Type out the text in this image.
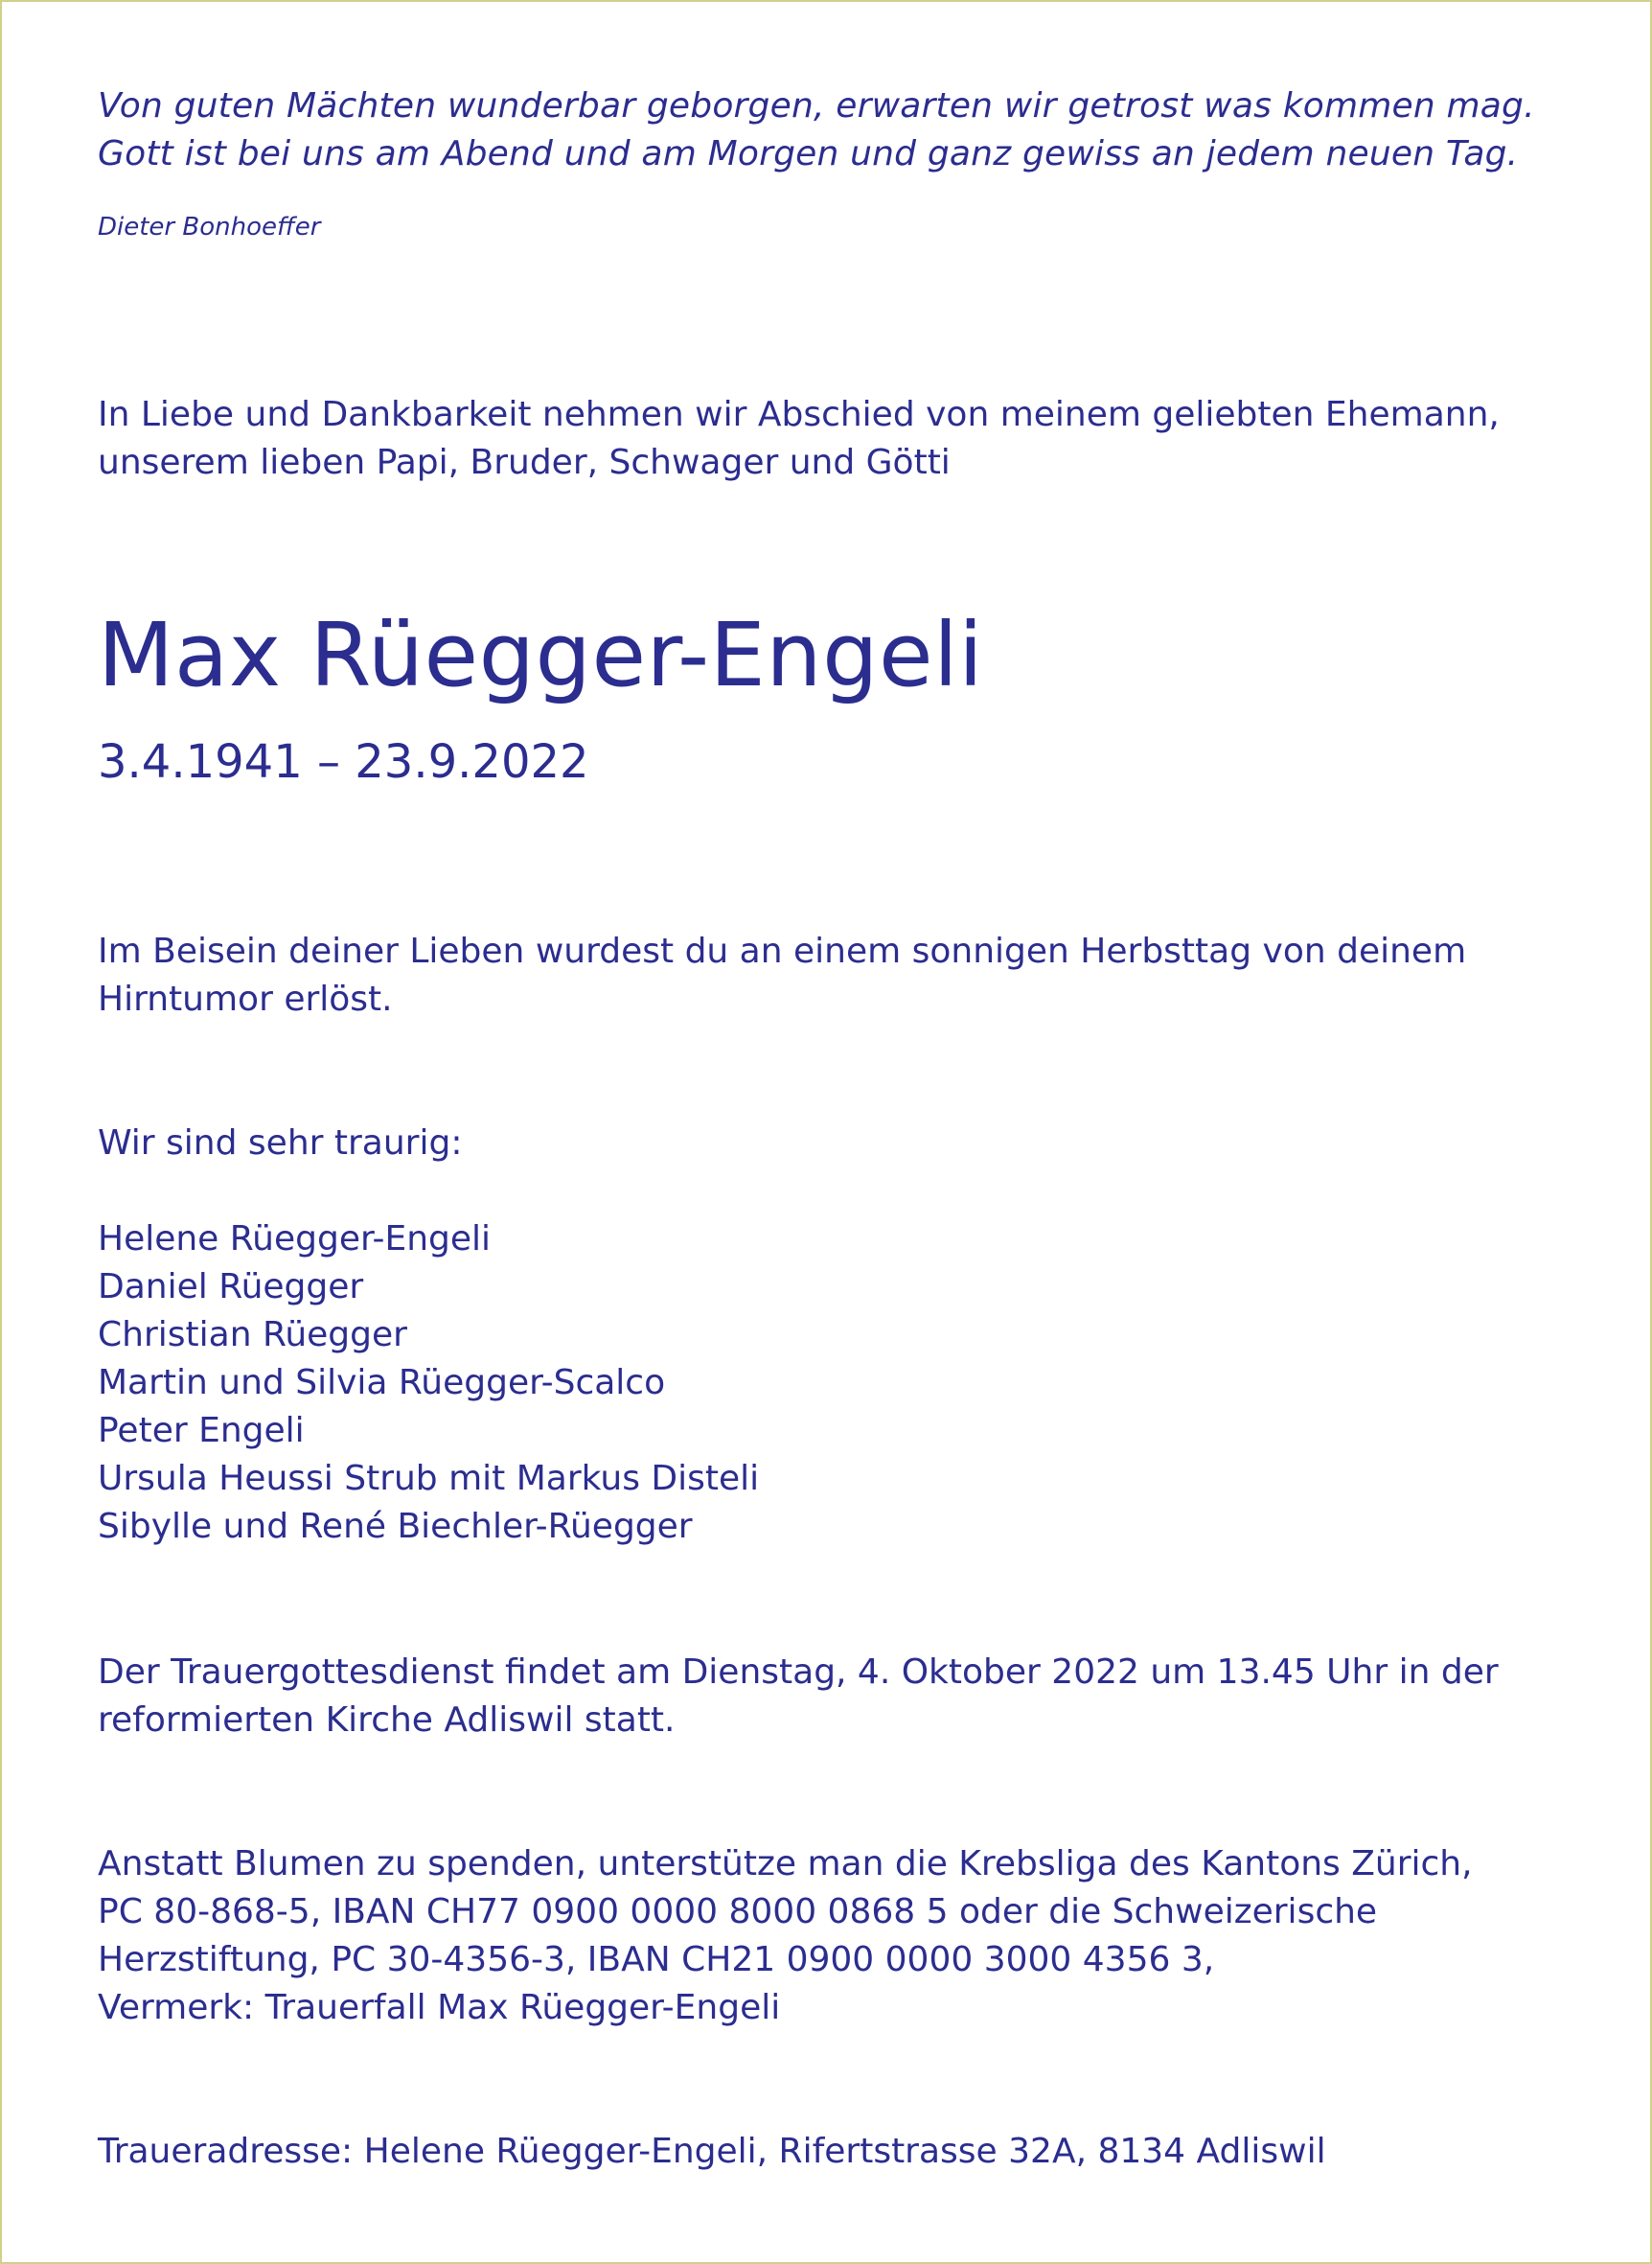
Von guten Mächten wunderbar geborgen, erwarten wir getrost was kommen mag.
Gott ist bei uns am Abend und am Morgen und ganz gewiss an jedem neuen Tag.

Dieter Bonhoeffer

In Liebe und Dankbarkeit nehmen wir Abschied von meinem geliebten Ehemann,
unserem lieben Papi, Bruder, Schwager und Götti
Max Rüegger-Engeli

3.4.1941 – 23.9.2022

Im Beisein deiner Lieben wurdest du an einem sonnigen Herbsttag von deinem
Hirntumor erlöst.

Wir sind sehr traurig:

Helene Rüegger-Engeli
Daniel Rüegger
Christian Rüegger
Martin und Silvia Rüegger-Scalco
Peter Engeli
Ursula Heussi Strub mit Markus Disteli
Sibylle und René Biechler-Rüegger
Der Trauergottesdienst findet am Dienstag, 4. Oktober 2022 um 13.45 Uhr in der
reformierten Kirche Adliswil statt.
Anstatt Blumen zu spenden, unterstütze man die Krebsliga des Kantons Zürich,
PC 80-868-5, IBAN CH77 0900 0000 8000 0868 5 oder die Schweizerische
Herzstiftung, PC 30-4356-3, IBAN CH21 0900 0000 3000 4356 3,
Vermerk: Trauerfall Max Rüegger-Engeli

Traueradresse: Helene Rüegger-Engeli, Rifertstrasse 32A, 8134 Adliswil
